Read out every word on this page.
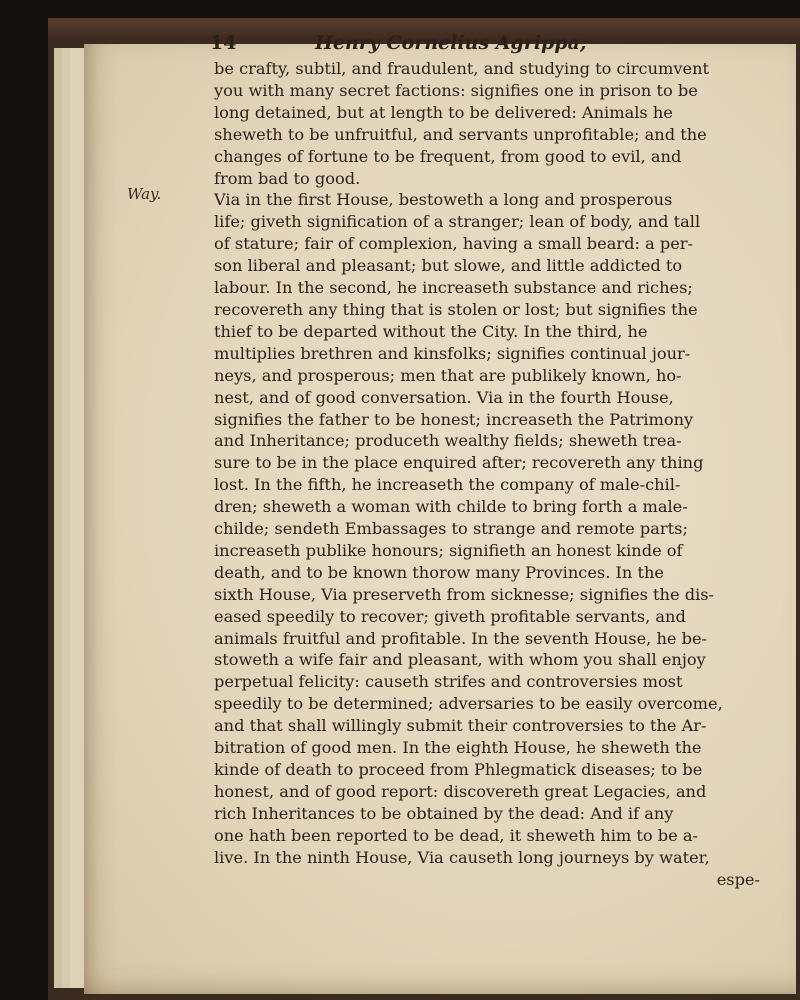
14	Henry Cornelius Agrippa,
Way.
be crafty, subtil, and fraudulent, and studying to circumvent
you with many secret factions: signifies one in prison to be
long detained, but at length to be delivered: Animals he
sheweth to be unfruitful, and servants unprofitable; and the
changes of fortune to be frequent, from good to evil, and
from bad to good.
Via in the first House, bestoweth a long and prosperous
life; giveth signification of a stranger; lean of body, and tall
of stature; fair of complexion, having a small beard: a per-
son liberal and pleasant; but slowe, and little addicted to
labour. In the second, he increaseth substance and riches;
recovereth any thing that is stolen or lost; but signifies the
thief to be departed without the City. In the third, he
multiplies brethren and kinsfolks; signifies continual jour-
neys, and prosperous; men that are publikely known, ho-
nest, and of good conversation. Via in the fourth House,
signifies the father to be honest; increaseth the Patrimony
and Inheritance; produceth wealthy fields; sheweth trea-
sure to be in the place enquired after; recovereth any thing
lost. In the fifth, he increaseth the company of male-chil-
dren; sheweth a woman with childe to bring forth a male-
childe; sendeth Embassages to strange and remote parts;
increaseth publike honours; signifieth an honest kinde of
death, and to be known thorow many Provinces. In the
sixth House, Via preserveth from sicknesse; signifies the dis-
eased speedily to recover; giveth profitable servants, and
animals fruitful and profitable. In the seventh House, he be-
stoweth a wife fair and pleasant, with whom you shall enjoy
perpetual felicity: causeth strifes and controversies most
speedily to be determined; adversaries to be easily overcome,
and that shall willingly submit their controversies to the Ar-
bitration of good men. In the eighth House, he sheweth the
kinde of death to proceed from Phlegmatick diseases; to be
honest, and of good report: discovereth great Legacies, and
rich Inheritances to be obtained by the dead: And if any
one hath been reported to be dead, it sheweth him to be a-
live. In the ninth House, Via causeth long journeys by water,
espe-
